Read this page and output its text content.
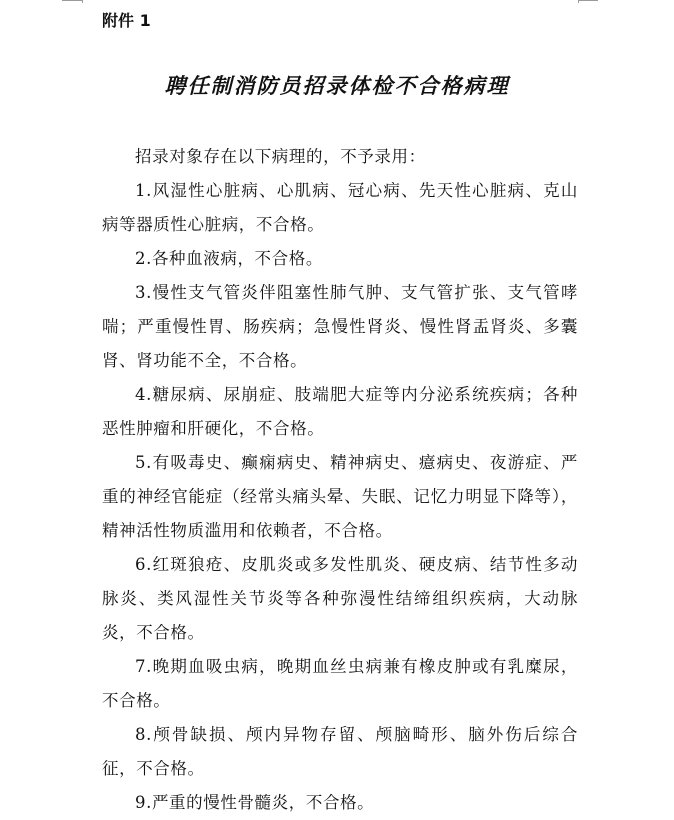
附件 1
聘任制消防员招录体检不合格病理

招录对象存在以下病理的，不予录用：

1.风湿性心脏病、心肌病、冠心病、先天性心脏病、克山病等器质性心脏病，不合格。

2.各种血液病，不合格。

3.慢性支气管炎伴阻塞性肺气肿、支气管扩张、支气管哮喘；严重慢性胃、肠疾病；急慢性肾炎、慢性肾盂肾炎、多囊肾、肾功能不全，不合格。

4.糖尿病、尿崩症、肢端肥大症等内分泌系统疾病；各种恶性肿瘤和肝硬化，不合格。

5.有吸毒史、癫痫病史、精神病史、癔病史、夜游症、严重的神经官能症（经常头痛头晕、失眠、记忆力明显下降等），精神活性物质滥用和依赖者，不合格。

6.红斑狼疮、皮肌炎或多发性肌炎、硬皮病、结节性多动脉炎、类风湿性关节炎等各种弥漫性结缔组织疾病，大动脉炎，不合格。

7.晚期血吸虫病，晚期血丝虫病兼有橡皮肿或有乳糜尿，不合格。

8.颅骨缺损、颅内异物存留、颅脑畸形、脑外伤后综合征，不合格。

9.严重的慢性骨髓炎，不合格。
